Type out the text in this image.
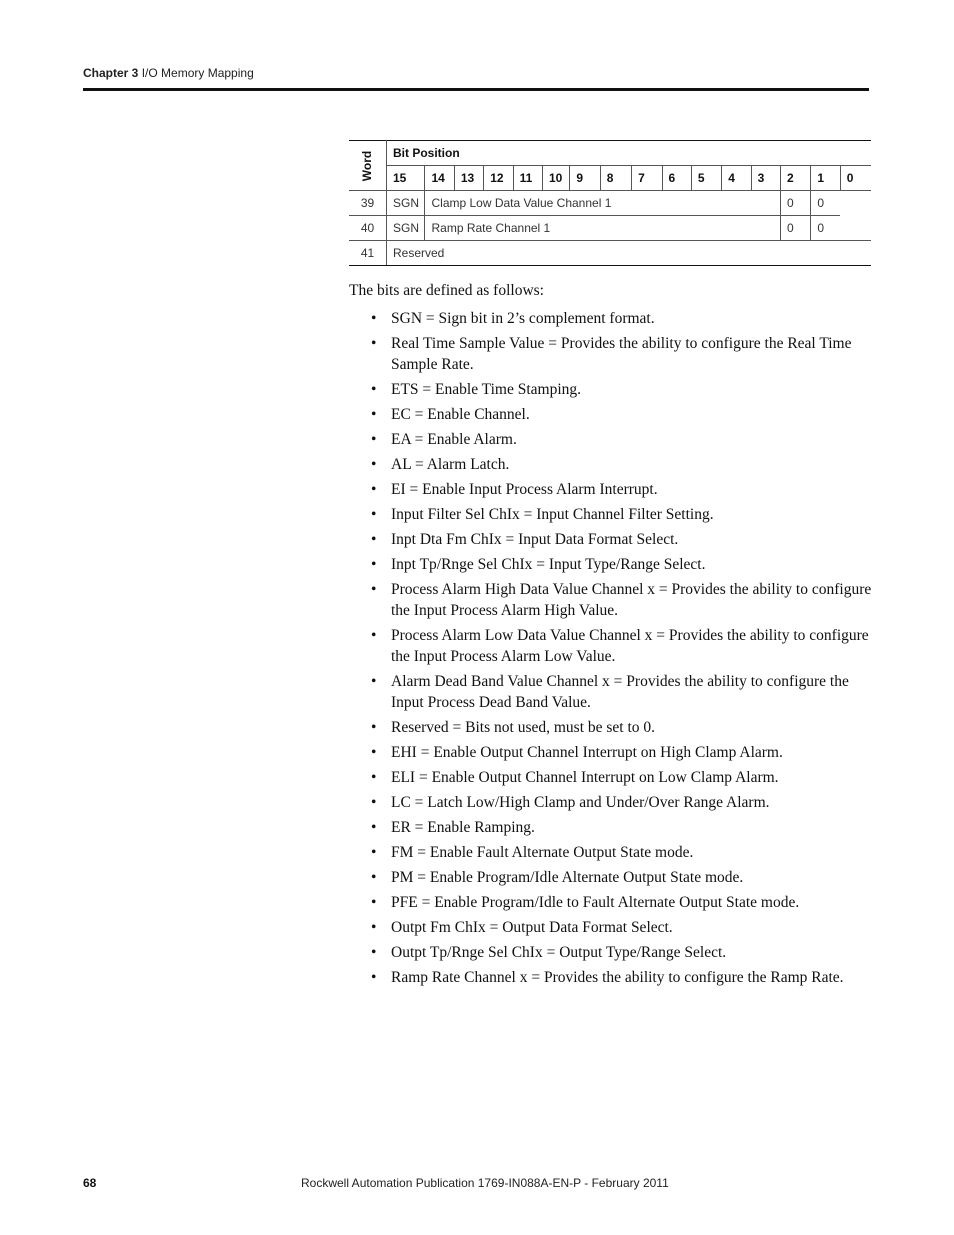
Chapter 3 I/O Memory Mapping
Word	Bit Position															
	15	14	13	12	11	10	9	8	7	6	5	4	3	2	1	0
39	SGN	Clamp Low Data Value Channel 1												0	0	
40	SGN	Ramp Rate Channel 1												0	0	
41	Reserved															

The bits are defined as follows:

• SGN = Sign bit in 2’s complement format.
• Real Time Sample Value = Provides the ability to configure the Real Time Sample Rate.
• ETS = Enable Time Stamping.
• EC = Enable Channel.
• EA = Enable Alarm.
• AL = Alarm Latch.
• EI = Enable Input Process Alarm Interrupt.
• Input Filter Sel ChIx = Input Channel Filter Setting.
• Inpt Dta Fm ChIx = Input Data Format Select.
• Inpt Tp/Rnge Sel ChIx = Input Type/Range Select.
• Process Alarm High Data Value Channel x = Provides the ability to configure the Input Process Alarm High Value.
• Process Alarm Low Data Value Channel x = Provides the ability to configure the Input Process Alarm Low Value.
• Alarm Dead Band Value Channel x = Provides the ability to configure the Input Process Dead Band Value.
• Reserved = Bits not used, must be set to 0.
• EHI = Enable Output Channel Interrupt on High Clamp Alarm.
• ELI = Enable Output Channel Interrupt on Low Clamp Alarm.
• LC = Latch Low/High Clamp and Under/Over Range Alarm.
• ER = Enable Ramping.
• FM = Enable Fault Alternate Output State mode.
• PM = Enable Program/Idle Alternate Output State mode.
• PFE = Enable Program/Idle to Fault Alternate Output State mode.
• Outpt Fm ChIx = Output Data Format Select.
• Outpt Tp/Rnge Sel ChIx = Output Type/Range Select.
• Ramp Rate Channel x = Provides the ability to configure the Ramp Rate.
68	Rockwell Automation Publication 1769-IN088A-EN-P - February 2011
